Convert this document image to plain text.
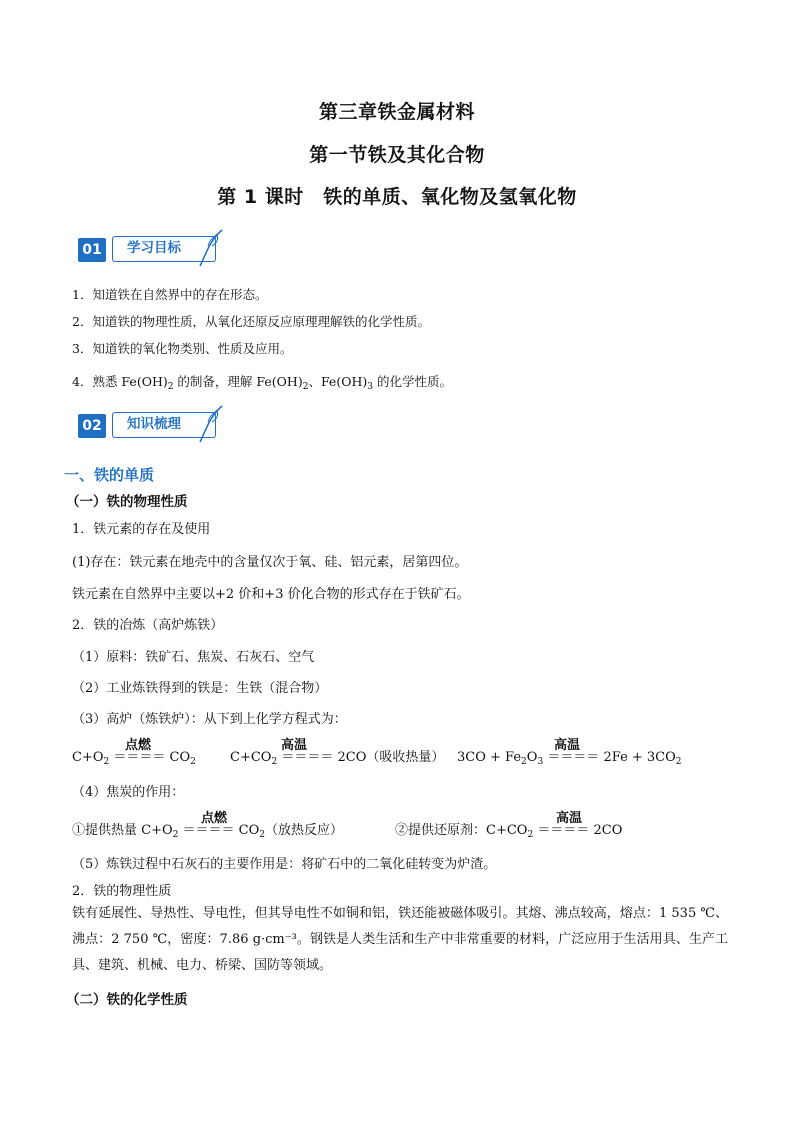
第三章铁金属材料
第一节铁及其化合物
第 1 课时　铁的单质、氧化物及氢氧化物
01	学习目标
1．知道铁在自然界中的存在形态。
2．知道铁的物理性质，从氧化还原反应原理理解铁的化学性质。
3．知道铁的氧化物类别、性质及应用。
4．熟悉 $Fe(OH)_2$ 的制备，理解 $Fe(OH)_2$、$Fe(OH)_3$ 的化学性质。
02	知识梳理
一、铁的单质
（一）铁的物理性质
1．铁元素的存在及使用
(1)存在：铁元素在地壳中的含量仅次于氧、硅、铝元素，居第四位。
铁元素在自然界中主要以+2 价和+3 价化合物的形式存在于铁矿石。
2．铁的冶炼（高炉炼铁）
（1）原料：铁矿石、焦炭、石灰石、空气
（2）工业炼铁得到的铁是：生铁（混合物）
（3）高炉（炼铁炉）：从下到上化学方程式为：
点燃
$C+O_2$ ＝＝＝＝ $CO_2$
高温
$C+CO_2$ ＝＝＝＝ 2CO（吸收热量）
高温
$3CO + Fe_2O_3$ ＝＝＝＝ $2Fe + 3CO_2$
（4）焦炭的作用：
点燃
①提供热量 $C+O_2$ ＝＝＝＝ $CO_2$（放热反应）
高温
②提供还原剂：$C+CO_2$ ＝＝＝＝ 2CO
（5）炼铁过程中石灰石的主要作用是：将矿石中的二氧化硅转变为炉渣。
2．铁的物理性质
铁有延展性、导热性、导电性，但其导电性不如铜和铝，铁还能被磁体吸引。其熔、沸点较高，熔点：1 535 ℃、沸点：2 750 ℃，密度：7.86 g·cm⁻³。钢铁是人类生活和生产中非常重要的材料，广泛应用于生活用具、生产工具、建筑、机械、电力、桥梁、国防等领域。
（二）铁的化学性质
